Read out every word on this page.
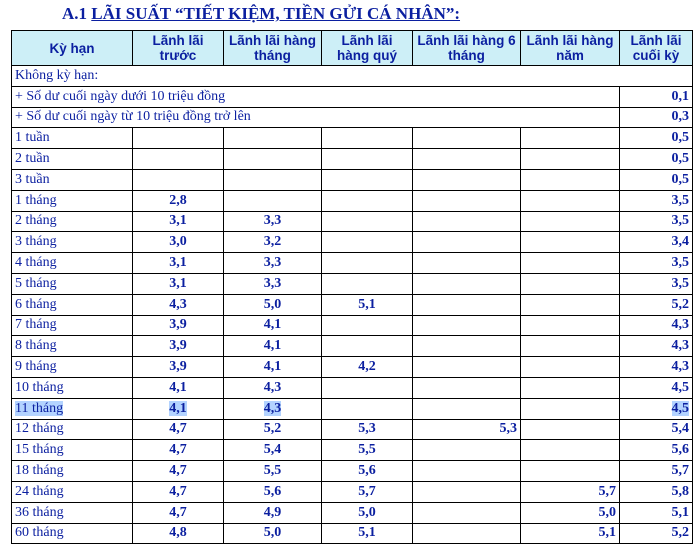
A.1 LÃI SUẤT “TIẾT KIỆM, TIỀN GỬI CÁ NHÂN”:
Kỳ hạn	Lãnh lãi trước	Lãnh lãi hàng tháng	Lãnh lãi hàng quý	Lãnh lãi hàng 6 tháng	Lãnh lãi hàng năm	Lãnh lãi cuối kỳ
Không kỳ hạn:						
+ Số dư cuối ngày dưới 10 triệu đồng						0,1
+ Số dư cuối ngày từ 10 triệu đồng trở lên						0,3
1 tuần						0,5
2 tuần						0,5
3 tuần						0,5
1 tháng	2,8					3,5
2 tháng	3,1	3,3				3,5
3 tháng	3,0	3,2				3,4
4 tháng	3,1	3,3				3,5
5 tháng	3,1	3,3				3,5
6 tháng	4,3	5,0	5,1			5,2
7 tháng	3,9	4,1				4,3
8 tháng	3,9	4,1				4,3
9 tháng	3,9	4,1	4,2			4,3
10 tháng	4,1	4,3				4,5
11 tháng	4,1	4,3				4,5
12 tháng	4,7	5,2	5,3	5,3		5,4
15 tháng	4,7	5,4	5,5			5,6
18 tháng	4,7	5,5	5,6			5,7
24 tháng	4,7	5,6	5,7		5,7	5,8
36 tháng	4,7	4,9	5,0		5,0	5,1
60 tháng	4,8	5,0	5,1		5,1	5,2
